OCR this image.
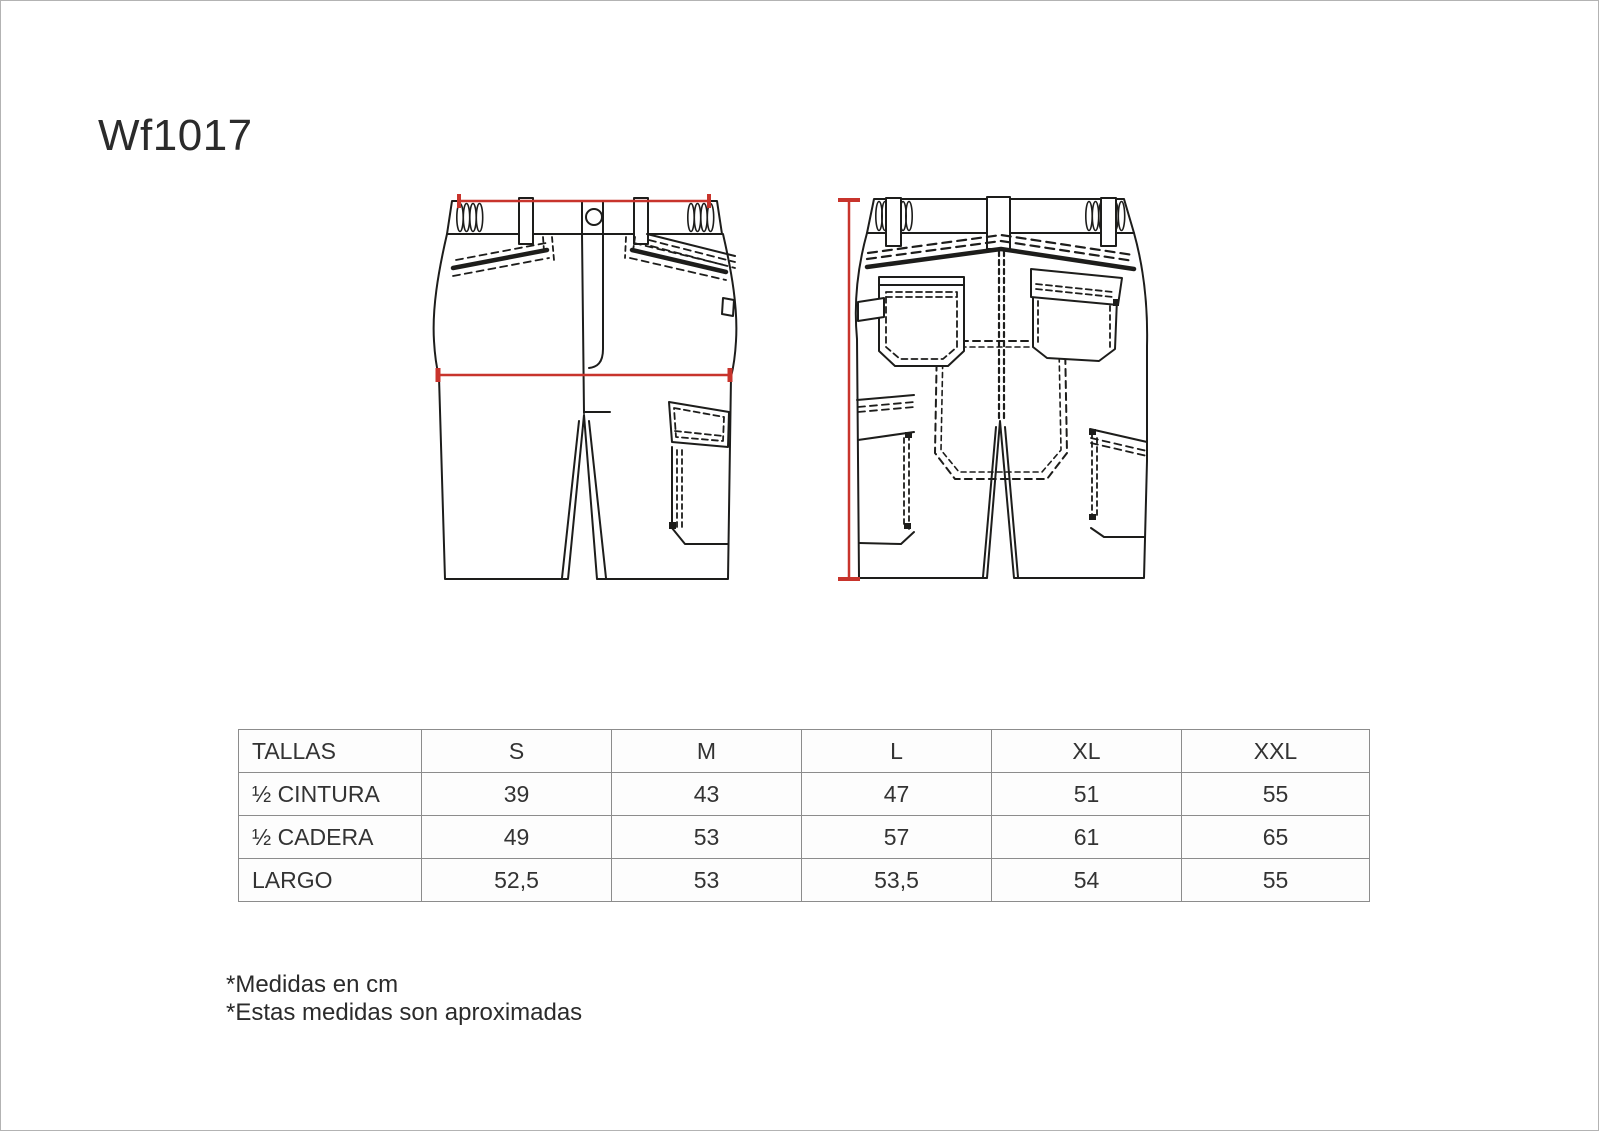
Wf1017
TALLAS	S	M	L	XL	XXL
½ CINTURA	39	43	47	51	55
½ CADERA	49	53	57	61	65
LARGO	52,5	53	53,5	54	55
*Medidas en cm
*Estas medidas son aproximadas
